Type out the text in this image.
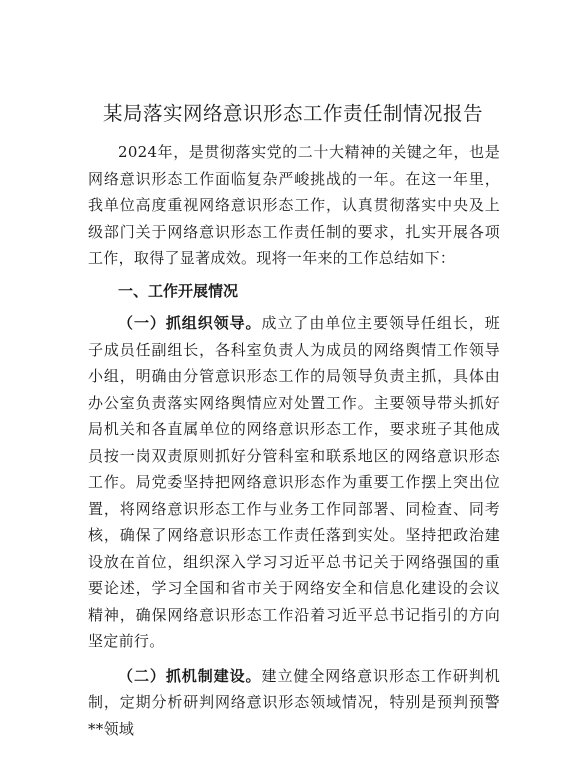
某局落实网络意识形态工作责任制情况报告

2024年，是贯彻落实党的二十大精神的关键之年，也是网络意识形态工作面临复杂严峻挑战的一年。在这一年里，我单位高度重视网络意识形态工作，认真贯彻落实中央及上级部门关于网络意识形态工作责任制的要求，扎实开展各项工作，取得了显著成效。现将一年来的工作总结如下：

一、工作开展情况

（一）抓组织领导。成立了由单位主要领导任组长，班子成员任副组长，各科室负责人为成员的网络舆情工作领导小组，明确由分管意识形态工作的局领导负责主抓，具体由办公室负责落实网络舆情应对处置工作。主要领导带头抓好局机关和各直属单位的网络意识形态工作，要求班子其他成员按一岗双责原则抓好分管科室和联系地区的网络意识形态工作。局党委坚持把网络意识形态作为重要工作摆上突出位置，将网络意识形态工作与业务工作同部署、同检查、同考核，确保了网络意识形态工作责任落到实处。坚持把政治建设放在首位，组织深入学习习近平总书记关于网络强国的重要论述，学习全国和省市关于网络安全和信息化建设的会议精神，确保网络意识形态工作沿着习近平总书记指引的方向坚定前行。

（二）抓机制建设。建立健全网络意识形态工作研判机制，定期分析研判网络意识形态领域情况，特别是预判预警**领域
